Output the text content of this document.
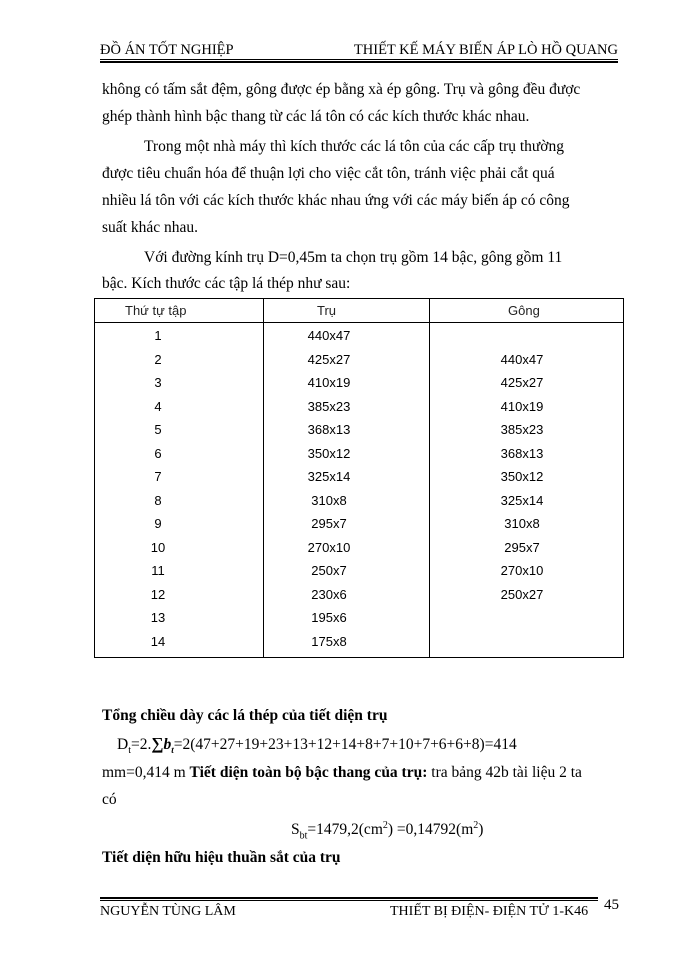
ĐỒ ÁN TỐT NGHIỆP	THIẾT KẾ MÁY BIẾN ÁP LÒ HỒ QUANG
không có tấm sắt đệm, gông được ép bằng xà ép gông. Trụ và gông đều được
ghép thành hình bậc thang từ các lá tôn có các kích thước khác nhau.
Trong một nhà máy thì kích thước các lá tôn của các cấp trụ thường
được tiêu chuẩn hóa để thuận lợi cho việc cắt tôn, tránh việc phải cắt quá
nhiều lá tôn với các kích thước khác nhau ứng với các máy biến áp có công
suất khác nhau.
Với đường kính trụ D=0,45m ta chọn trụ gồm 14 bậc, gông gồm 11
bậc. Kích thước các tập lá thép như sau:
Thứ tự tập	Trụ	Gông
1	440x47
2	425x27	440x47
3	410x19	425x27
4	385x23	410x19
5	368x13	385x23
6	350x12	368x13
7	325x14	350x12
8	310x8	325x14
9	295x7	310x8
10	270x10	295x7
11	250x7	270x10
12	230x6	250x27
13	195x6
14	175x8
Tổng chiều dày các lá thép của tiết diện trụ
$D_t=2.\sum b_t=2(47+27+19+23+13+12+14+8+7+10+7+6+6+8)=414$
mm=0,414 m Tiết diện toàn bộ bậc thang của trụ: tra bảng 42b tài liệu 2 ta
có
$S_{bt}=1479,2(cm^2) =0,14792(m^2)$
Tiết diện hữu hiệu thuần sắt của trụ
NGUYỄN TÙNG LÂM	THIẾT BỊ ĐIỆN- ĐIỆN TỬ 1-K46 45
